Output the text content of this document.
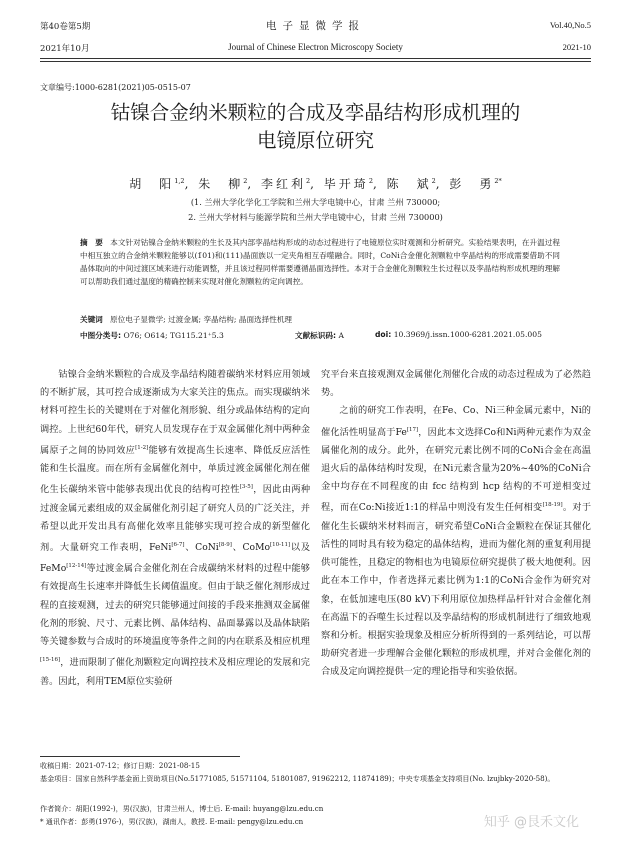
第40卷第5期	电子显微学报	Vol.40,No.5
2021年10月	Journal of Chinese Electron Microscopy Society	2021-10
文章编号:1000-6281(2021)05-0515-07
钴镍合金纳米颗粒的合成及孪晶结构形成机理的
电镜原位研究
胡　阳$^{1,2}$, 朱　柳$^2$, 李红利$^2$, 毕开琦$^2$, 陈　斌$^2$, 彭　勇$^{2*}$
(1. 兰州大学化学化工学院和兰州大学电镜中心，甘肃 兰州 730000;
2. 兰州大学材料与能源学院和兰州大学电镜中心，甘肃 兰州 730000)
摘　要 本文针对钴镍合金纳米颗粒的生长及其内部孪晶结构形成的动态过程进行了电镜原位实时观测和分析研究。实验结果表明，在升温过程中相互独立的合金纳米颗粒能够以(1̄01)和(111)晶面族以一定夹角相互吞噬融合。同时，CoNi合金催化剂颗粒中孪晶结构的形成需要借助不同晶体取向的中间过渡区域来进行动能调整，并且该过程同样需要遵循晶面选择性。本对于合金催化剂颗粒生长过程以及孪晶结构形成机理的理解可以帮助我们通过温度的精确控制来实现对催化剂颗粒的定向调控。
关键词 原位电子显微学; 过渡金属; 孪晶结构; 晶面选择性机理
中图分类号: O76; O614; TG115.21⁺5.3	文献标识码: A	doi: 10.3969/j.issn.1000-6281.2021.05.005

钴镍合金纳米颗粒的合成及孪晶结构随着碳纳米材料应用领域的不断扩展，其可控合成逐渐成为大家关注的焦点。而实现碳纳米材料可控生长的关键则在于对催化剂形貌、组分或晶体结构的定向调控。上世纪60年代，研究人员发现存在于双金属催化剂中两种金属原子之间的协同效应[1-2]能够有效提高生长速率、降低反应活性能和生长温度。而在所有金属催化剂中，单质过渡金属催化剂在催化生长碳纳米管中能够表现出优良的结构可控性[3-5]，因此由两种过渡金属元素组成的双金属催化剂引起了研究人员的广泛关注，并希望以此开发出具有高催化效率且能够实现可控合成的新型催化剂。大量研究工作表明，FeNi[6-7]、CoNi[8-9]、CoMo[10-11]以及 FeMo[12-14]等过渡金属合金催化剂在合成碳纳米材料的过程中能够有效提高生长速率并降低生长阈值温度。但由于缺乏催化剂形成过程的直接观测，过去的研究只能够通过间接的手段来推测双金属催化剂的形貌、尺寸、元素比例、晶体结构、晶面暴露以及晶体缺陷等关键参数与合成时的环境温度等条件之间的内在联系及相应机理[15-16]，进而限制了催化剂颗粒定向调控技术及相应理论的发展和完善。因此，利用TEM原位实验研

究平台来直接观测双金属催化剂催化合成的动态过程成为了必然趋势。

之前的研究工作表明，在Fe、Co、Ni三种金属元素中，Ni的催化活性明显高于Fe[17]，因此本文选择Co和Ni两种元素作为双金属催化剂的成分。此外，在研究元素比例不同的CoNi合金在高温退火后的晶体结构时发现，在Ni元素含量为20%~40%的CoNi合金中均存在不同程度的由 fcc 结构到 hcp 结构的不可逆相变过程，而在Co:Ni接近1:1的样品中则没有发生任何相变[18-19]。对于催化生长碳纳米材料而言，研究希望CoNi合金颗粒在保证其催化活性的同时具有较为稳定的晶体结构，进而为催化剂的重复利用提供可能性，且稳定的物相也为电镜原位研究提供了极大地便利。因此在本工作中，作者选择元素比例为1:1的CoNi合金作为研究对象，在低加速电压(80 kV)下利用原位加热样品杆针对合金催化剂在高温下的吞噬生长过程以及孪晶结构的形成机制进行了细致地观察和分析。根据实验现象及相应分析所得到的一系列结论，可以帮助研究者进一步理解合金催化颗粒的形成机理，并对合金催化剂的合成及定向调控提供一定的理论指导和实验依据。

收稿日期：2021-07-12；修订日期：2021-08-15
基金项目：国家自然科学基金面上资助项目(No.51771085, 51571104, 51801087, 91962212, 11874189)；中央专项基金支持项目(No. lzujbky-2020-58)。
作者简介：胡阳(1992-)，男(汉族)，甘肃兰州人，博士后. E-mail: huyang@lzu.edu.cn
* 通讯作者：彭勇(1976-)，男(汉族)，湖南人，教授. E-mail: pengy@lzu.edu.cn	知乎 @艮禾文化
